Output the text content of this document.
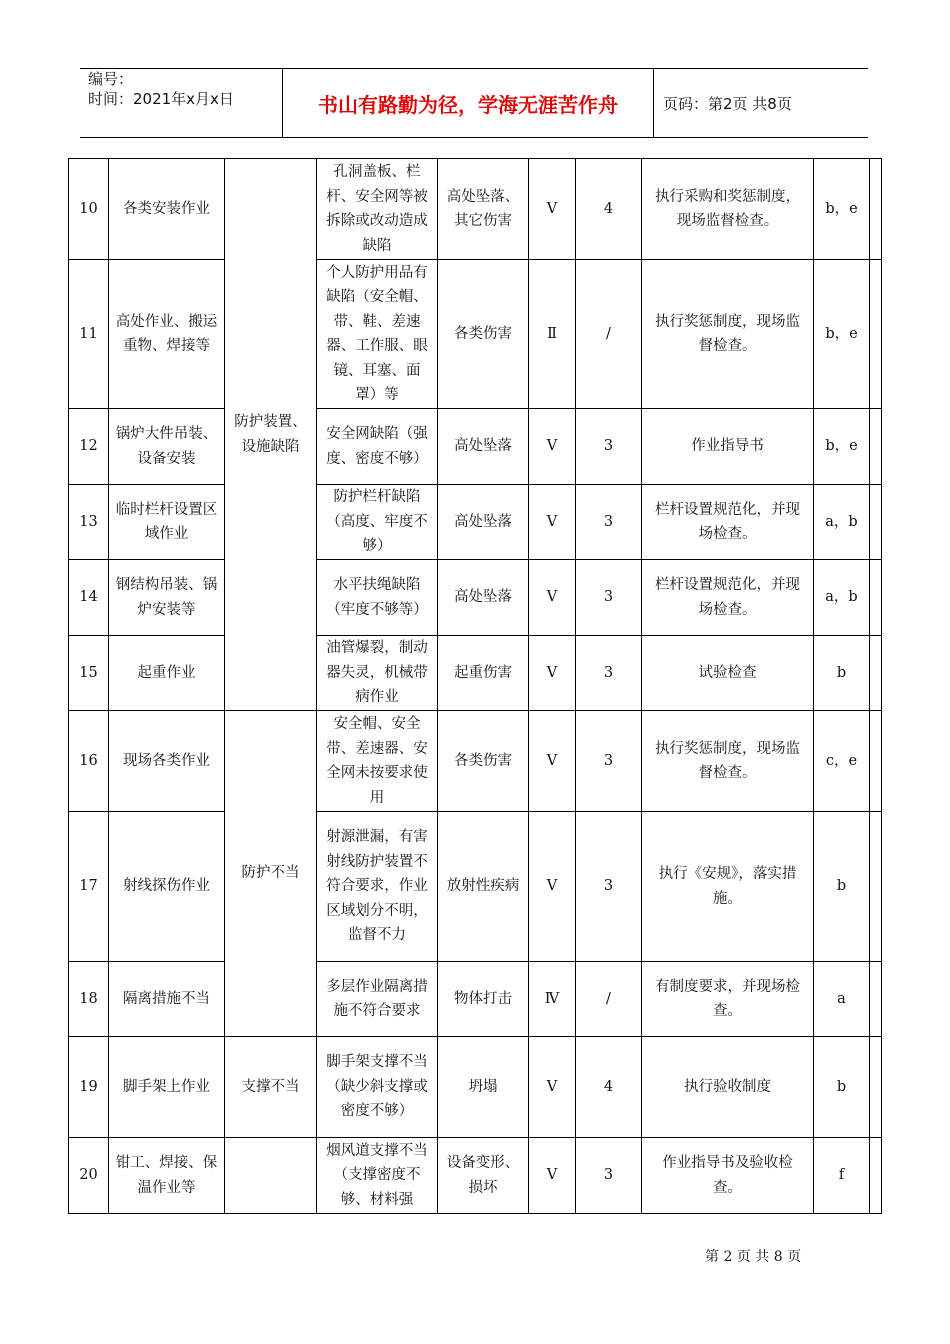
编号：
时间：2021年x月x日	书山有路勤为径，学海无涯苦作舟	页码：第2页 共8页
10	各类安装作业	防护装置、设施缺陷	孔洞盖板、栏杆、安全网等被拆除或改动造成缺陷	高处坠落、其它伤害	Ⅴ	4	执行采购和奖惩制度，现场监督检查。	b，e	
11	高处作业、搬运重物、焊接等		个人防护用品有缺陷（安全帽、带、鞋、差速器、工作服、眼镜、耳塞、面罩）等	各类伤害	Ⅱ	/	执行奖惩制度，现场监督检查。	b，e	
12	锅炉大件吊装、设备安装		安全网缺陷（强度、密度不够）	高处坠落	Ⅴ	3	作业指导书	b，e	
13	临时栏杆设置区域作业		防护栏杆缺陷（高度、牢度不够）	高处坠落	Ⅴ	3	栏杆设置规范化，并现场检查。	a，b	
14	钢结构吊装、锅炉安装等		水平扶绳缺陷（牢度不够等）	高处坠落	Ⅴ	3	栏杆设置规范化，并现场检查。	a，b	
15	起重作业		油管爆裂，制动器失灵，机械带病作业	起重伤害	Ⅴ	3	试验检查	b	
16	现场各类作业	防护不当	安全帽、安全带、差速器、安全网未按要求使用	各类伤害	Ⅴ	3	执行奖惩制度，现场监督检查。	c，e	
17	射线探伤作业		射源泄漏，有害射线防护装置不符合要求，作业区域划分不明，监督不力	放射性疾病	Ⅴ	3	执行《安规》，落实措施。	b	
18	隔离措施不当		多层作业隔离措施不符合要求	物体打击	Ⅳ	/	有制度要求，并现场检查。	a	
19	脚手架上作业	支撑不当	脚手架支撑不当（缺少斜支撑或密度不够）	坍塌	Ⅴ	4	执行验收制度	b	
20	钳工、焊接、保温作业等		烟风道支撑不当（支撑密度不够、材料强	设备变形、损坏	Ⅴ	3	作业指导书及验收检查。	f	
第 2 页 共 8 页
